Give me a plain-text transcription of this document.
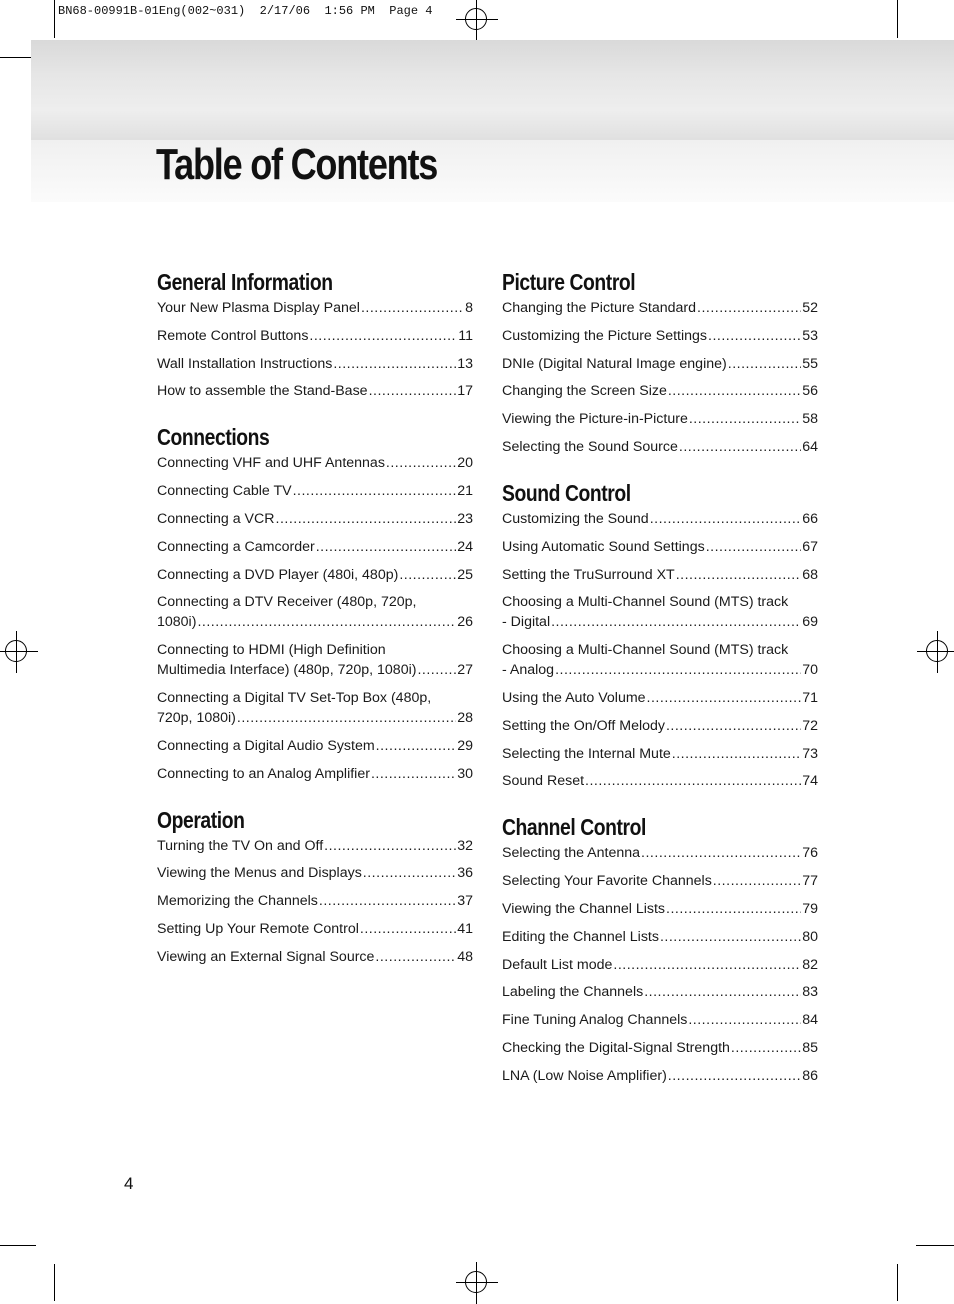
BN68-00991B-01Eng(002~031)  2/17/06  1:56 PM  Page 4
Table of Contents
General Information
Your New Plasma Display Panel .....	8
Remote Control Buttons .....	11
Wall Installation Instructions .....	13
How to assemble the Stand-Base .....	17
Connections
Connecting VHF and UHF Antennas .....	20
Connecting Cable TV .....	21
Connecting a VCR .....	23
Connecting a Camcorder .....	24
Connecting a DVD Player (480i, 480p) .....	25
Connecting a DTV Receiver (480p, 720p,
1080i) .....	26
Connecting to HDMI (High Definition
Multimedia Interface) (480p, 720p, 1080i) .....	27
Connecting a Digital TV Set-Top Box (480p,
720p, 1080i) .....	28
Connecting a Digital Audio System .....	29
Connecting to an Analog Amplifier .....	30
Operation
Turning the TV On and Off .....	32
Viewing the Menus and Displays .....	36
Memorizing the Channels .....	37
Setting Up Your Remote Control .....	41
Viewing an External Signal Source .....	48
Picture Control
Changing the Picture Standard .....	52
Customizing the Picture Settings .....	53
DNIe (Digital Natural Image engine) .....	55
Changing the Screen Size .....	56
Viewing the Picture-in-Picture .....	58
Selecting the Sound Source .....	64
Sound Control
Customizing the Sound .....	66
Using Automatic Sound Settings .....	67
Setting the TruSurround XT .....	68
Choosing a Multi-Channel Sound (MTS) track
- Digital .....	69
Choosing a Multi-Channel Sound (MTS) track
- Analog .....	70
Using the Auto Volume .....	71
Setting the On/Off Melody .....	72
Selecting the Internal Mute .....	73
Sound Reset .....	74
Channel Control
Selecting the Antenna .....	76
Selecting Your Favorite Channels .....	77
Viewing the Channel Lists .....	79
Editing the Channel Lists .....	80
Default List mode .....	82
Labeling the Channels .....	83
Fine Tuning Analog Channels .....	84
Checking the Digital-Signal Strength .....	85
LNA (Low Noise Amplifier) .....	86
4
